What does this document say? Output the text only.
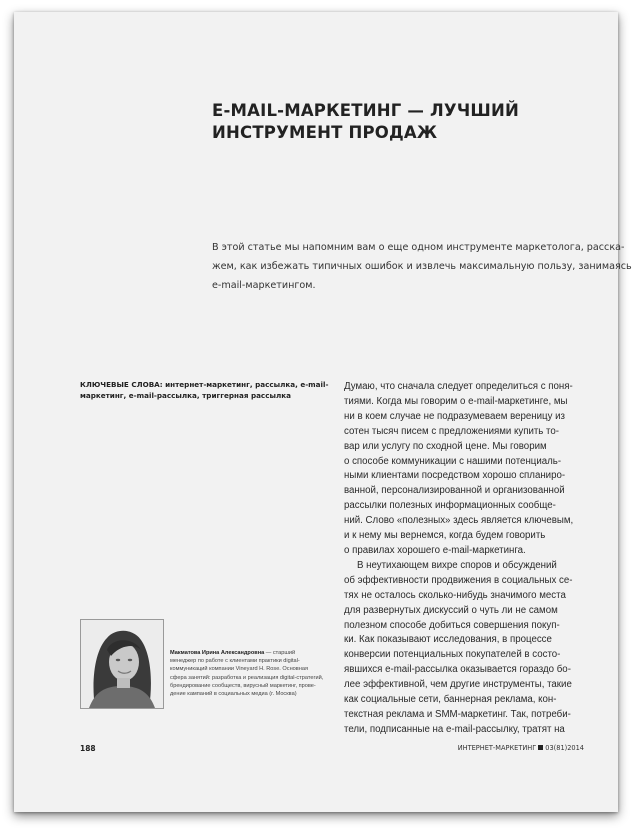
E-MAIL-МАРКЕТИНГ — ЛУЧШИЙ
ИНСТРУМЕНТ ПРОДАЖ

В этой статье мы напомним вам о еще одном инструменте маркетолога, расска-
жем, как избежать типичных ошибок и извлечь максимальную пользу, занимаясь
e-mail-маркетингом.

КЛЮЧЕВЫЕ СЛОВА: интернет-маркетинг, рассылка, e-mail-
маркетинг, e-mail-рассылка, триггерная рассылка
Думаю, что сначала следует определиться с поня-
тиями. Когда мы говорим о e-mail-маркетинге, мы
ни в коем случае не подразумеваем вереницу из
сотен тысяч писем с предложениями купить то-
вар или услугу по сходной цене. Мы говорим
о способе коммуникации с нашими потенциаль-
ными клиентами посредством хорошо спланиро-
ванной, персонализированной и организованной
рассылки полезных информационных сообще-
ний. Слово «полезных» здесь является ключевым,
и к нему мы вернемся, когда будем говорить
о правилах хорошего e-mail-маркетинга.
В неутихающем вихре споров и обсуждений
об эффективности продвижения в социальных се-
тях не осталось сколько-нибудь значимого места
для развернутых дискуссий о чуть ли не самом
полезном способе добиться совершения покуп-
ки. Как показывают исследования, в процессе
конверсии потенциальных покупателей в состо-
явшихся e-mail-рассылка оказывается гораздо бо-
лее эффективной, чем другие инструменты, такие
как социальные сети, баннерная реклама, кон-
текстная реклама и SMM-маркетинг. Так, потреби-
тели, подписанные на e-mail-рассылку, тратят на
Макматова Ирина Александровна — старший
менеджер по работе с клиентами практики digital-
коммуникаций компании Vineyard H. Rose. Основная
сфера занятий: разработка и реализация digital-стратегий,
брендирование сообществ, вирусный маркетинг, прове-
дение кампаний в социальных медиа (г. Москва)
188	ИНТЕРНЕТ-МАРКЕТИНГ 03(81)2014
